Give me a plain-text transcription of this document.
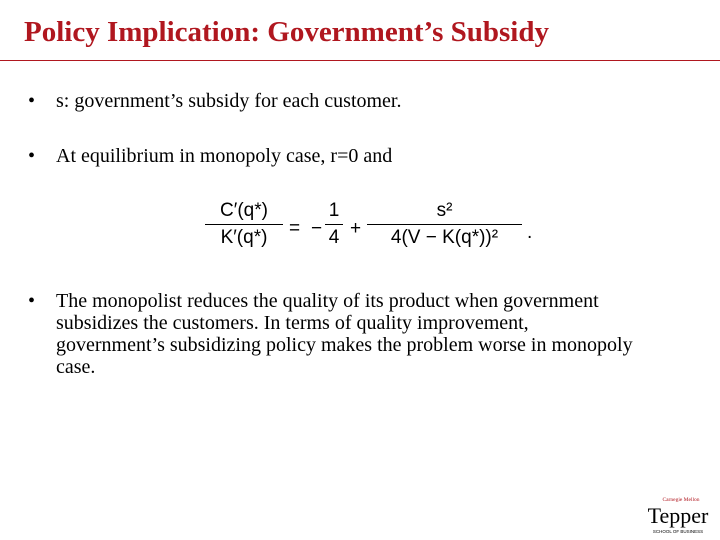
Policy Implication: Government’s Subsidy
• s: government’s subsidy for each customer.
• At equilibrium in monopoly case, r=0 and
C′(q*)
K′(q*)	= −
1
4 +
s²
4(V − K(q*))²	.
• The monopolist reduces the quality of its product when government subsidizes the customers. In terms of quality improvement, government’s subsidizing policy makes the problem worse in monopoly case.
Carnegie Mellon
Tepper
SCHOOL OF BUSINESS
